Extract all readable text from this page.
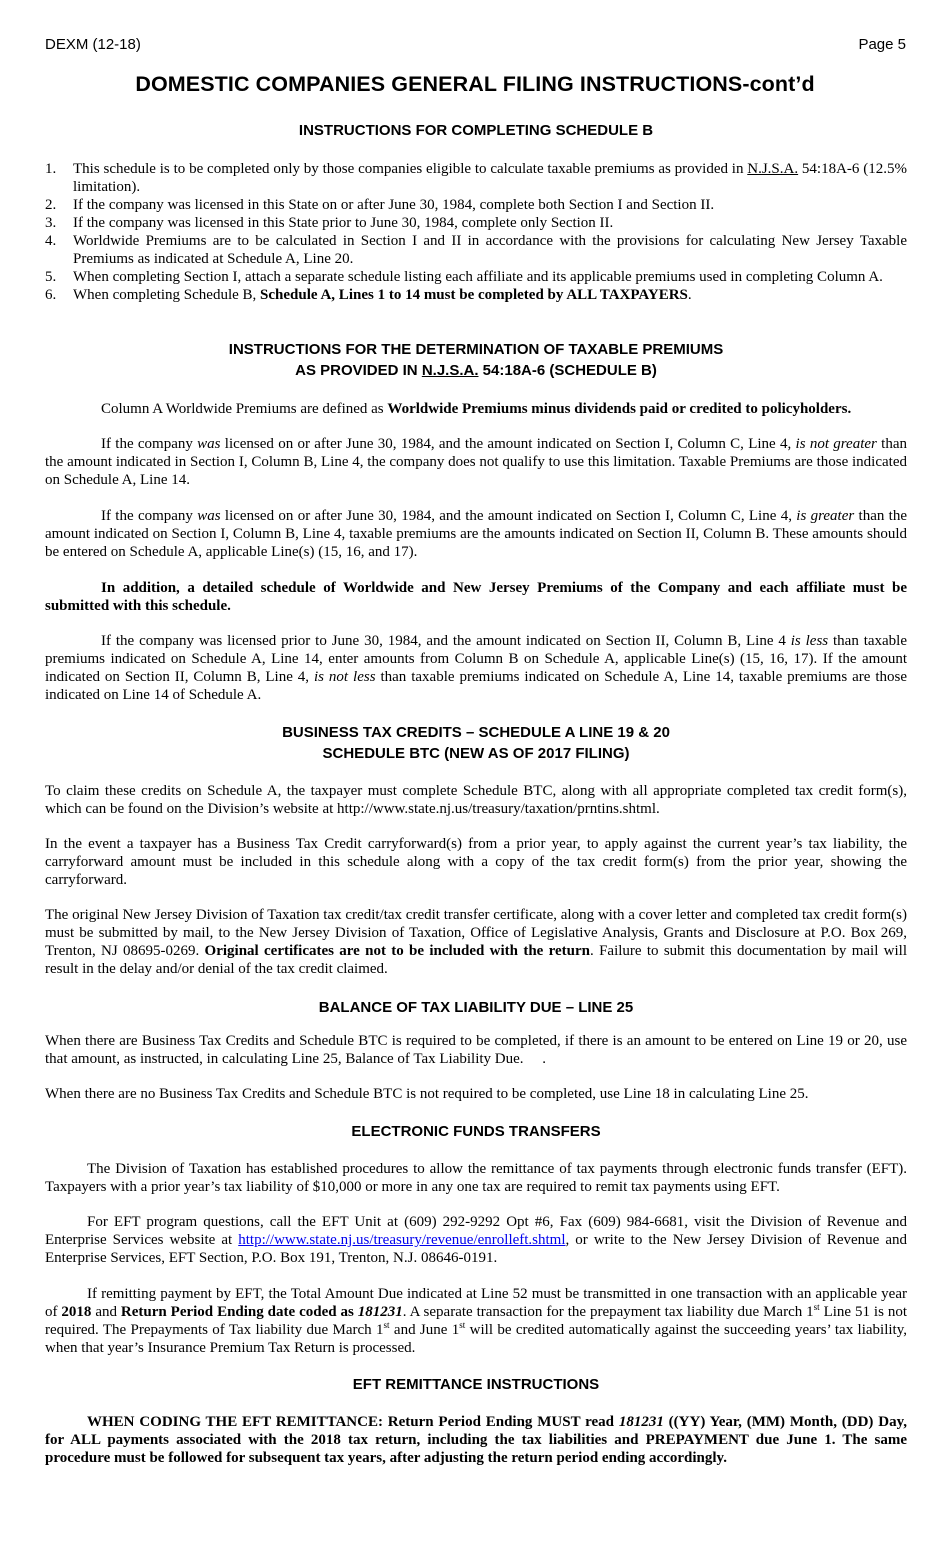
DEXM (12-18)	Page 5
DOMESTIC COMPANIES GENERAL FILING INSTRUCTIONS-cont’d
INSTRUCTIONS FOR COMPLETING SCHEDULE B
1. This schedule is to be completed only by those companies eligible to calculate taxable premiums as provided in N.J.S.A. 54:18A-6 (12.5% limitation).
2. If the company was licensed in this State on or after June 30, 1984, complete both Section I and Section II.
3. If the company was licensed in this State prior to June 30, 1984, complete only Section II.
4. Worldwide Premiums are to be calculated in Section I and II in accordance with the provisions for calculating New Jersey Taxable Premiums as indicated at Schedule A, Line 20.
5. When completing Section I, attach a separate schedule listing each affiliate and its applicable premiums used in completing Column A.
6. When completing Schedule B, Schedule A, Lines 1 to 14 must be completed by ALL TAXPAYERS.
INSTRUCTIONS FOR THE DETERMINATION OF TAXABLE PREMIUMS
AS PROVIDED IN N.J.S.A. 54:18A-6 (SCHEDULE B)

Column A Worldwide Premiums are defined as Worldwide Premiums minus dividends paid or credited to policyholders.

If the company was licensed on or after June 30, 1984, and the amount indicated on Section I, Column C, Line 4, is not greater than the amount indicated in Section I, Column B, Line 4, the company does not qualify to use this limitation. Taxable Premiums are those indicated on Schedule A, Line 14.

If the company was licensed on or after June 30, 1984, and the amount indicated on Section I, Column C, Line 4, is greater than the amount indicated on Section I, Column B, Line 4, taxable premiums are the amounts indicated on Section II, Column B. These amounts should be entered on Schedule A, applicable Line(s) (15, 16, and 17).

In addition, a detailed schedule of Worldwide and New Jersey Premiums of the Company and each affiliate must be submitted with this schedule.

If the company was licensed prior to June 30, 1984, and the amount indicated on Section II, Column B, Line 4 is less than taxable premiums indicated on Schedule A, Line 14, enter amounts from Column B on Schedule A, applicable Line(s) (15, 16, 17). If the amount indicated on Section II, Column B, Line 4, is not less than taxable premiums indicated on Schedule A, Line 14, taxable premiums are those indicated on Line 14 of Schedule A.

BUSINESS TAX CREDITS – SCHEDULE A LINE 19 & 20
SCHEDULE BTC (NEW AS OF 2017 FILING)

To claim these credits on Schedule A, the taxpayer must complete Schedule BTC, along with all appropriate completed tax credit form(s), which can be found on the Division’s website at http://www.state.nj.us/treasury/taxation/prntins.shtml.

In the event a taxpayer has a Business Tax Credit carryforward(s) from a prior year, to apply against the current year’s tax liability, the carryforward amount must be included in this schedule along with a copy of the tax credit form(s) from the prior year, showing the carryforward.

The original New Jersey Division of Taxation tax credit/tax credit transfer certificate, along with a cover letter and completed tax credit form(s) must be submitted by mail, to the New Jersey Division of Taxation, Office of Legislative Analysis, Grants and Disclosure at P.O. Box 269, Trenton, NJ 08695-0269. Original certificates are not to be included with the return. Failure to submit this documentation by mail will result in the delay and/or denial of the tax credit claimed.

BALANCE OF TAX LIABILITY DUE – LINE 25

When there are Business Tax Credits and Schedule BTC is required to be completed, if there is an amount to be entered on Line 19 or 20, use that amount, as instructed, in calculating Line 25, Balance of Tax Liability Due.     .

When there are no Business Tax Credits and Schedule BTC is not required to be completed, use Line 18 in calculating Line 25.

ELECTRONIC FUNDS TRANSFERS

The Division of Taxation has established procedures to allow the remittance of tax payments through electronic funds transfer (EFT). Taxpayers with a prior year’s tax liability of $10,000 or more in any one tax are required to remit tax payments using EFT.

For EFT program questions, call the EFT Unit at (609) 292-9292 Opt #6, Fax (609) 984-6681, visit the Division of Revenue and Enterprise Services website at http://www.state.nj.us/treasury/revenue/enrolleft.shtml, or write to the New Jersey Division of Revenue and Enterprise Services, EFT Section, P.O. Box 191, Trenton, N.J. 08646-0191.

If remitting payment by EFT, the Total Amount Due indicated at Line 52 must be transmitted in one transaction with an applicable year of 2018 and Return Period Ending date coded as 181231. A separate transaction for the prepayment tax liability due March 1st Line 51 is not required. The Prepayments of Tax liability due March 1st and June 1st will be credited automatically against the succeeding years’ tax liability, when that year’s Insurance Premium Tax Return is processed.

EFT REMITTANCE INSTRUCTIONS

WHEN CODING THE EFT REMITTANCE: Return Period Ending MUST read 181231 ((YY) Year, (MM) Month, (DD) Day, for ALL payments associated with the 2018 tax return, including the tax liabilities and PREPAYMENT due June 1. The same procedure must be followed for subsequent tax years, after adjusting the return period ending accordingly.
